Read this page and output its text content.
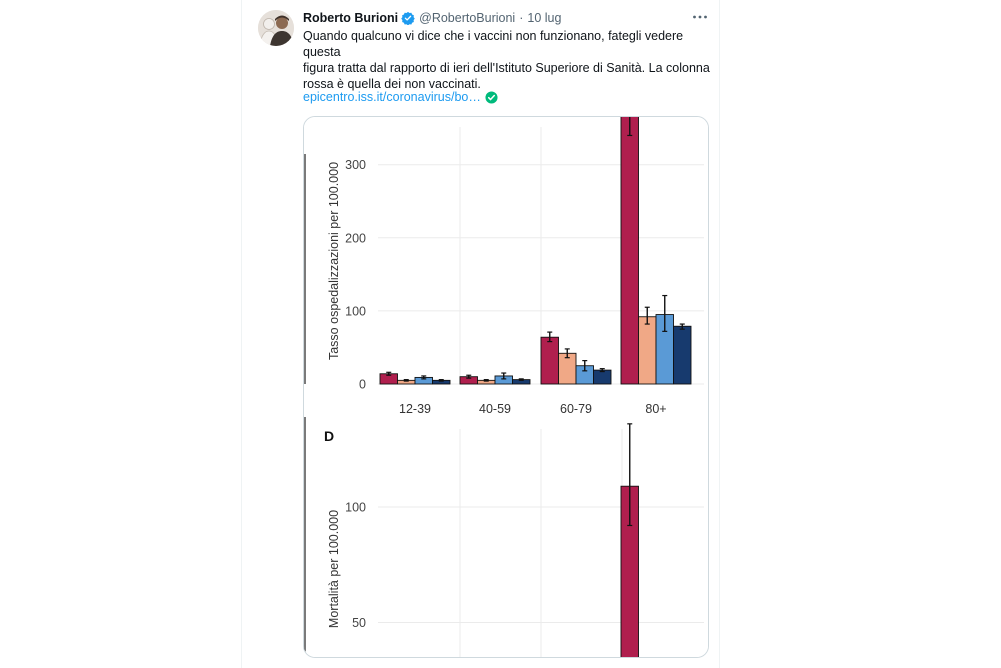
Roberto Burioni @RobertoBurioni · 10 lug

Quando qualcuno vi dice che i vaccini non funzionano, fategli vedere questa

figura tratta dal rapporto di ieri dell'Istituto Superiore di Sanità. La colonna

rossa è quella dei non vaccinati.

epicentro.iss.it/coronavirus/bo…
Tasso ospedalizzazioni per 100.000
D
Mortalità per 100.000
0
100
200
300
12-39	40-59	60-79	80+
50
100
